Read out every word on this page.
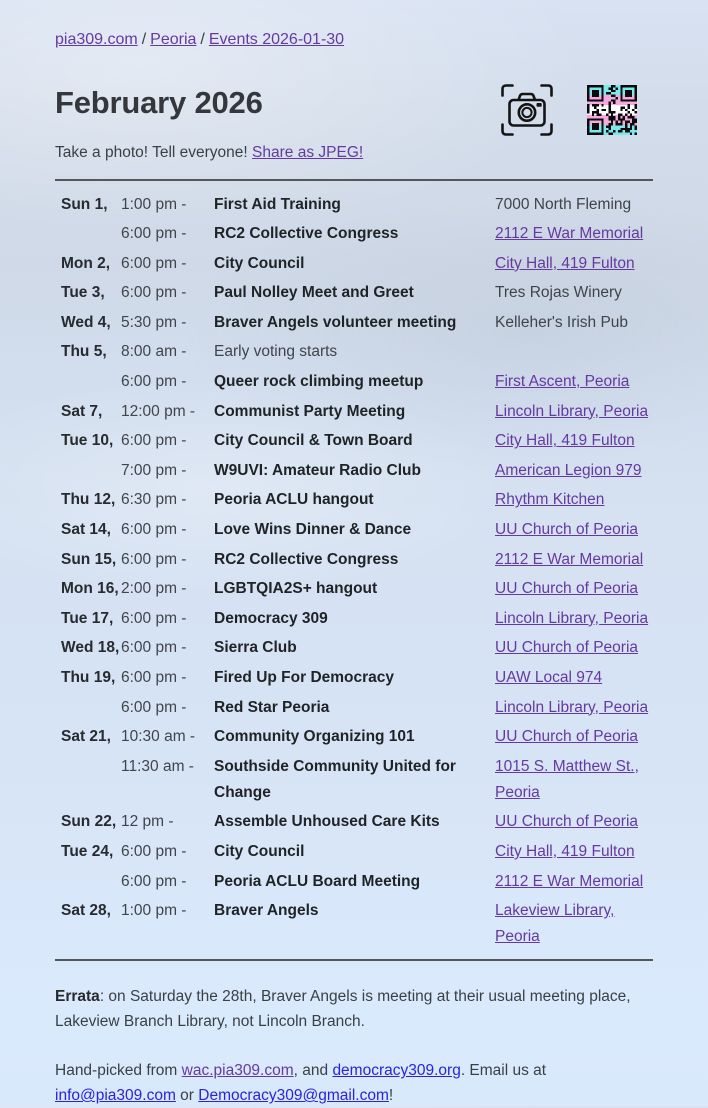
pia309.com / Peoria / Events 2026-01-30
February 2026

Take a photo! Tell everyone! Share as JPEG!

Sun 1, 1:00 pm -	First Aid Training	7000 North Fleming
6:00 pm -	RC2 Collective Congress	2112 E War Memorial
Mon 2, 6:00 pm -	City Council	City Hall, 419 Fulton
Tue 3,	6:00 pm -	Paul Nolley Meet and Greet	Tres Rojas Winery
Wed 4, 5:30 pm -	Braver Angels volunteer meeting	Kelleher's Irish Pub
Thu 5, 8:00 am -	Early voting starts
6:00 pm -	Queer rock climbing meetup	First Ascent, Peoria
Sat 7,	12:00 pm -	Communist Party Meeting	Lincoln Library, Peoria
Tue 10, 6:00 pm -	City Council & Town Board	City Hall, 419 Fulton
7:00 pm -	W9UVI: Amateur Radio Club	American Legion 979
Thu 12, 6:30 pm -	Peoria ACLU hangout	Rhythm Kitchen
Sat 14, 6:00 pm -	Love Wins Dinner & Dance	UU Church of Peoria
Sun 15, 6:00 pm -	RC2 Collective Congress	2112 E War Memorial
Mon 16, 2:00 pm -	LGBTQIA2S+ hangout	UU Church of Peoria
Tue 17, 6:00 pm -	Democracy 309	Lincoln Library, Peoria
Wed 18, 6:00 pm -	Sierra Club	UU Church of Peoria
Thu 19, 6:00 pm -	Fired Up For Democracy	UAW Local 974
6:00 pm -	Red Star Peoria	Lincoln Library, Peoria
Sat 21, 10:30 am -	Community Organizing 101	UU Church of Peoria
11:30 am -	Southside Community United for Change
1015 S. Matthew St., Peoria
Sun 22, 12 pm -	Assemble Unhoused Care Kits	UU Church of Peoria
Tue 24, 6:00 pm -	City Council	City Hall, 419 Fulton
6:00 pm -	Peoria ACLU Board Meeting	2112 E War Memorial
Sat 28, 1:00 pm -	Braver Angels	Lakeview Library, Peoria

Errata: on Saturday the 28th, Braver Angels is meeting at their usual meeting place, Lakeview Branch Library, not Lincoln Branch.

Hand-picked from wac.pia309.com, and democracy309.org. Email us at info@pia309.com or Democracy309@gmail.com!
